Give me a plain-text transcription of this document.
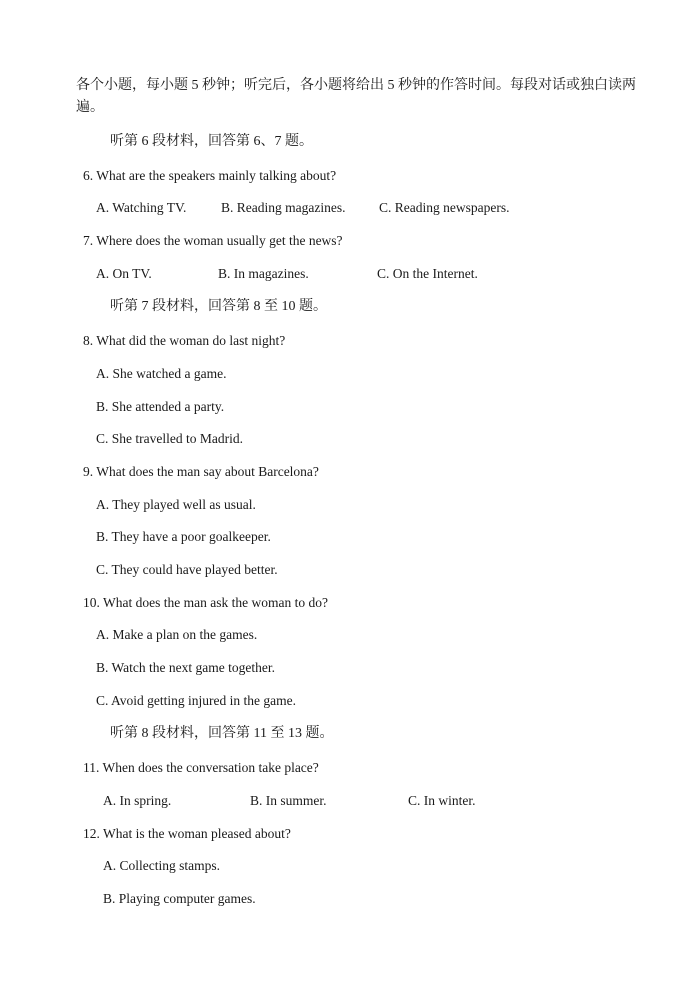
各个小题，每小题 5 秒钟；听完后，各小题将给出 5 秒钟的作答时间。每段对话或独白读两遍。
听第 6 段材料，回答第 6、7 题。
6. What are the speakers mainly talking about?
A. Watching TV.	B. Reading magazines. C. Reading newspapers.
7. Where does the woman usually get the news?
A. On TV.	B. In magazines.	C. On the Internet.
听第 7 段材料，回答第 8 至 10 题。
8. What did the woman do last night?
A. She watched a game.
B. She attended a party.
C. She travelled to Madrid.
9. What does the man say about Barcelona?
A. They played well as usual.
B. They have a poor goalkeeper.
C. They could have played better.
10. What does the man ask the woman to do?
A. Make a plan on the games.
B. Watch the next game together.
C. Avoid getting injured in the game.
听第 8 段材料，回答第 11 至 13 题。
11. When does the conversation take place?
A. In spring.	B. In summer.	C. In winter.
12. What is the woman pleased about?
A. Collecting stamps.
B. Playing computer games.
